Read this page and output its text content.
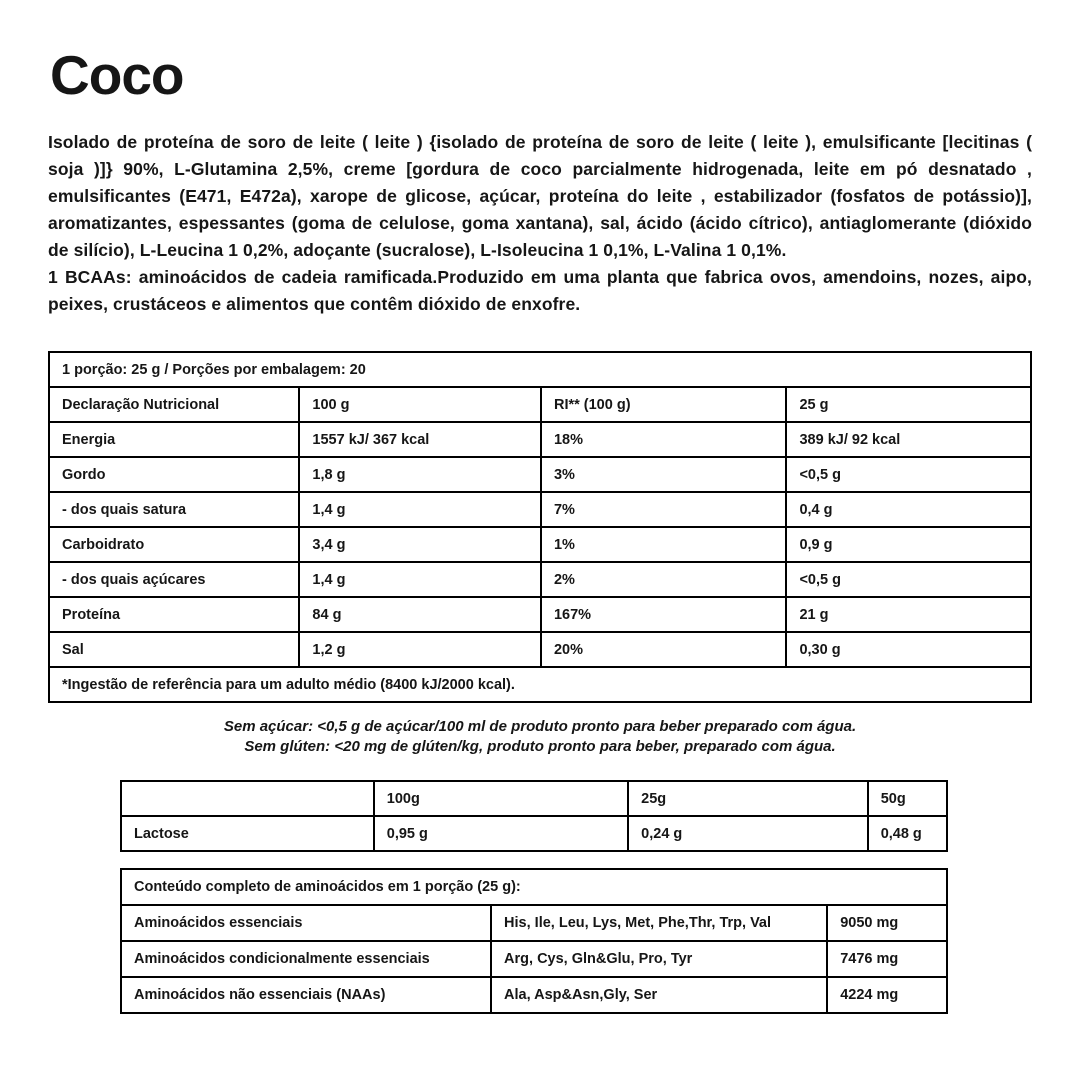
Coco

Isolado de proteína de soro de leite ( leite ) {isolado de proteína de soro de leite ( leite ), emulsificante [lecitinas ( soja )]} 90%, L-Glutamina 2,5%, creme [gordura de coco parcialmente hidrogenada, leite em pó desnatado , emulsificantes (E471, E472a), xarope de glicose, açúcar, proteína do leite , estabilizador (fosfatos de potássio)], aromatizantes, espessantes (goma de celulose, goma xantana), sal, ácido (ácido cítrico), antiaglomerante (dióxido de silício), L-Leucina 1 0,2%, adoçante (sucralose), L-Isoleucina 1 0,1%, L-Valina 1 0,1%.

1 BCAAs: aminoácidos de cadeia ramificada.Produzido em uma planta que fabrica ovos, amendoins, nozes, aipo, peixes, crustáceos e alimentos que contêm dióxido de enxofre.

1 porção: 25 g / Porções por embalagem: 20			
Declaração Nutricional	100 g	RI** (100 g)	25 g
Energia	1557 kJ/ 367 kcal	18%	389 kJ/ 92 kcal
Gordo	1,8 g	3%	<0,5 g
- dos quais satura	1,4 g	7%	0,4 g
Carboidrato	3,4 g	1%	0,9 g
- dos quais açúcares	1,4 g	2%	<0,5 g
Proteína	84 g	167%	21 g
Sal	1,2 g	20%	0,30 g
*Ingestão de referência para um adulto médio (8400 kJ/2000 kcal).			

Sem açúcar: <0,5 g de açúcar/100 ml de produto pronto para beber preparado com água.

Sem glúten: <20 mg de glúten/kg, produto pronto para beber, preparado com água.

	100g	25g	50g
Lactose	0,95 g	0,24 g	0,48 g
Conteúdo completo de aminoácidos em 1 porção (25 g):		
Aminoácidos essenciais	His, Ile, Leu, Lys, Met, Phe,Thr, Trp, Val	9050 mg
Aminoácidos condicionalmente essenciais	Arg, Cys, Gln&Glu, Pro, Tyr	7476 mg
Aminoácidos não essenciais (NAAs)	Ala, Asp&Asn,Gly, Ser	4224 mg
